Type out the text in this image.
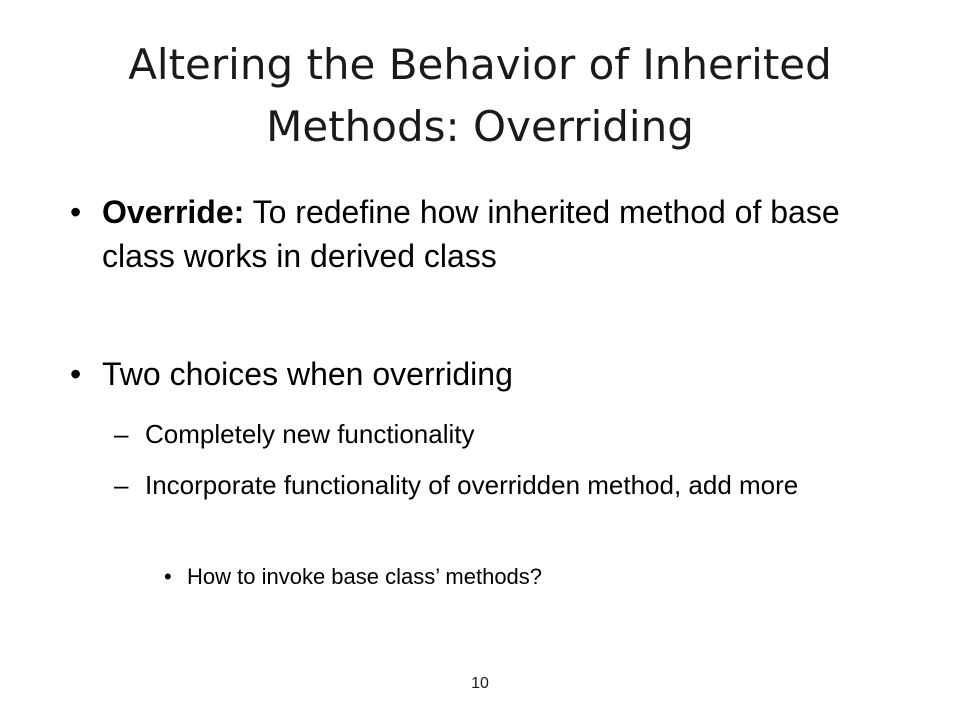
Altering the Behavior of Inherited
Methods: Overriding
• Override: To redefine how inherited method of base class works in derived class
• Two choices when overriding
– Completely new functionality
– Incorporate functionality of overridden method, add more
• How to invoke base class’ methods?
10
